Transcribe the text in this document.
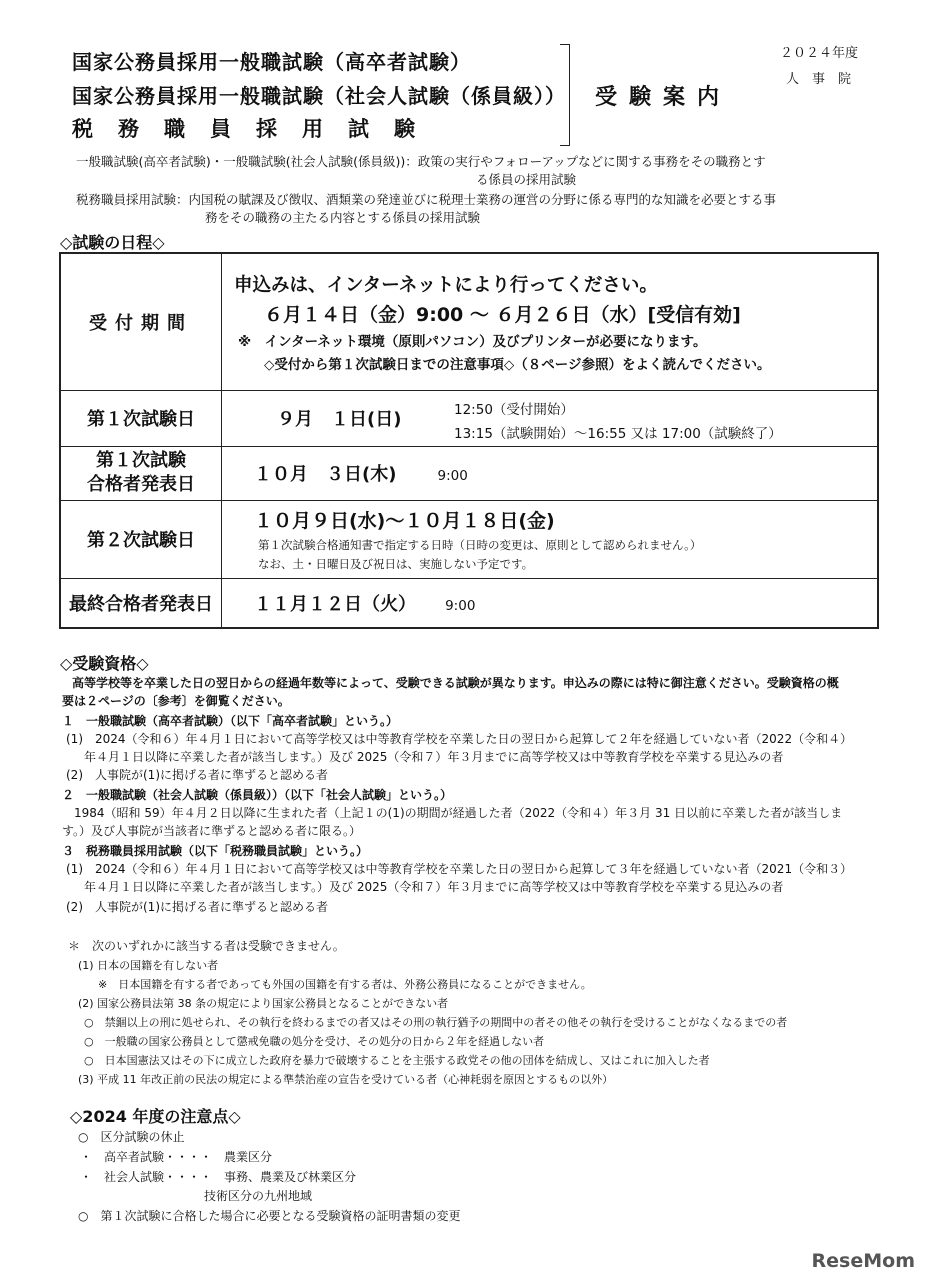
国家公務員採用一般職試験（高卒者試験）
国家公務員採用一般職試験（社会人試験（係員級））
税務職員採用試験
受験案内
２０２４年度
人　事　院
一般職試験(高卒者試験)・一般職試験(社会人試験(係員級))：政策の実行やフォローアップなどに関する事務をその職務とす
る係員の採用試験
税務職員採用試験：内国税の賦課及び徴収、酒類業の発達並びに税理士業務の運営の分野に係る専門的な知識を必要とする事
務をその職務の主たる内容とする係員の採用試験
◇試験の日程◇
受付期間	申込みは、インターネットにより行ってください。
６月１４日（金）9:00 ～ ６月２６日（水）[受信有効]
※　インターネット環境（原則パソコン）及びプリンターが必要になります。
◇受付から第１次試験日までの注意事項◇（８ページ参照）をよく読んでください。

第１次試験日	９月　１日(日) 12:50（受付開始）
13:15（試験開始）～16:55 又は 17:00（試験終了）

第１次試験
合格者発表日	１０月　３日(木) 9:00
第２次試験日	１０月９日(水)～１０月１８日(金)
第１次試験合格通知書で指定する日時（日時の変更は、原則として認められません。）
なお、土・日曜日及び祝日は、実施しない予定です。

最終合格者発表日	１１月１２日（火） 9:00
◇受験資格◇
高等学校等を卒業した日の翌日からの経過年数等によって、受験できる試験が異なります。申込みの際には特に御注意ください。受験資格の概
要は２ページの〔参考〕を御覧ください。
１　一般職試験（高卒者試験）（以下「高卒者試験」という。）
(1)　2024（令和６）年４月１日において高等学校又は中等教育学校を卒業した日の翌日から起算して２年を経過していない者（2022（令和４）
　年４月１日以降に卒業した者が該当します。）及び 2025（令和７）年３月までに高等学校又は中等教育学校を卒業する見込みの者
(2)　人事院が(1)に掲げる者に準ずると認める者
２　一般職試験（社会人試験（係員級））（以下「社会人試験」という。）
　1984（昭和 59）年４月２日以降に生まれた者（上記１の(1)の期間が経過した者（2022（令和４）年３月 31 日以前に卒業した者が該当しま
す。）及び人事院が当該者に準ずると認める者に限る。）
３　税務職員採用試験（以下「税務職員試験」という。）
(1)　2024（令和６）年４月１日において高等学校又は中等教育学校を卒業した日の翌日から起算して３年を経過していない者（2021（令和３）
　年４月１日以降に卒業した者が該当します。）及び 2025（令和７）年３月までに高等学校又は中等教育学校を卒業する見込みの者
(2)　人事院が(1)に掲げる者に準ずると認める者
＊　次のいずれかに該当する者は受験できません。
(1) 日本の国籍を有しない者
※　日本国籍を有する者であっても外国の国籍を有する者は、外務公務員になることができません。
(2) 国家公務員法第 38 条の規定により国家公務員となることができない者
○　禁錮以上の刑に処せられ、その執行を終わるまでの者又はその刑の執行猶予の期間中の者その他その執行を受けることがなくなるまでの者
○　一般職の国家公務員として懲戒免職の処分を受け、その処分の日から２年を経過しない者
○　日本国憲法又はその下に成立した政府を暴力で破壊することを主張する政党その他の団体を結成し、又はこれに加入した者
(3) 平成 11 年改正前の民法の規定による準禁治産の宣告を受けている者（心神耗弱を原因とするもの以外）
◇2024 年度の注意点◇
○　区分試験の休止
・　高卒者試験・・・・　農業区分
・　社会人試験・・・・　事務、農業及び林業区分
技術区分の九州地域
○　第１次試験に合格した場合に必要となる受験資格の証明書類の変更
ReseMom
